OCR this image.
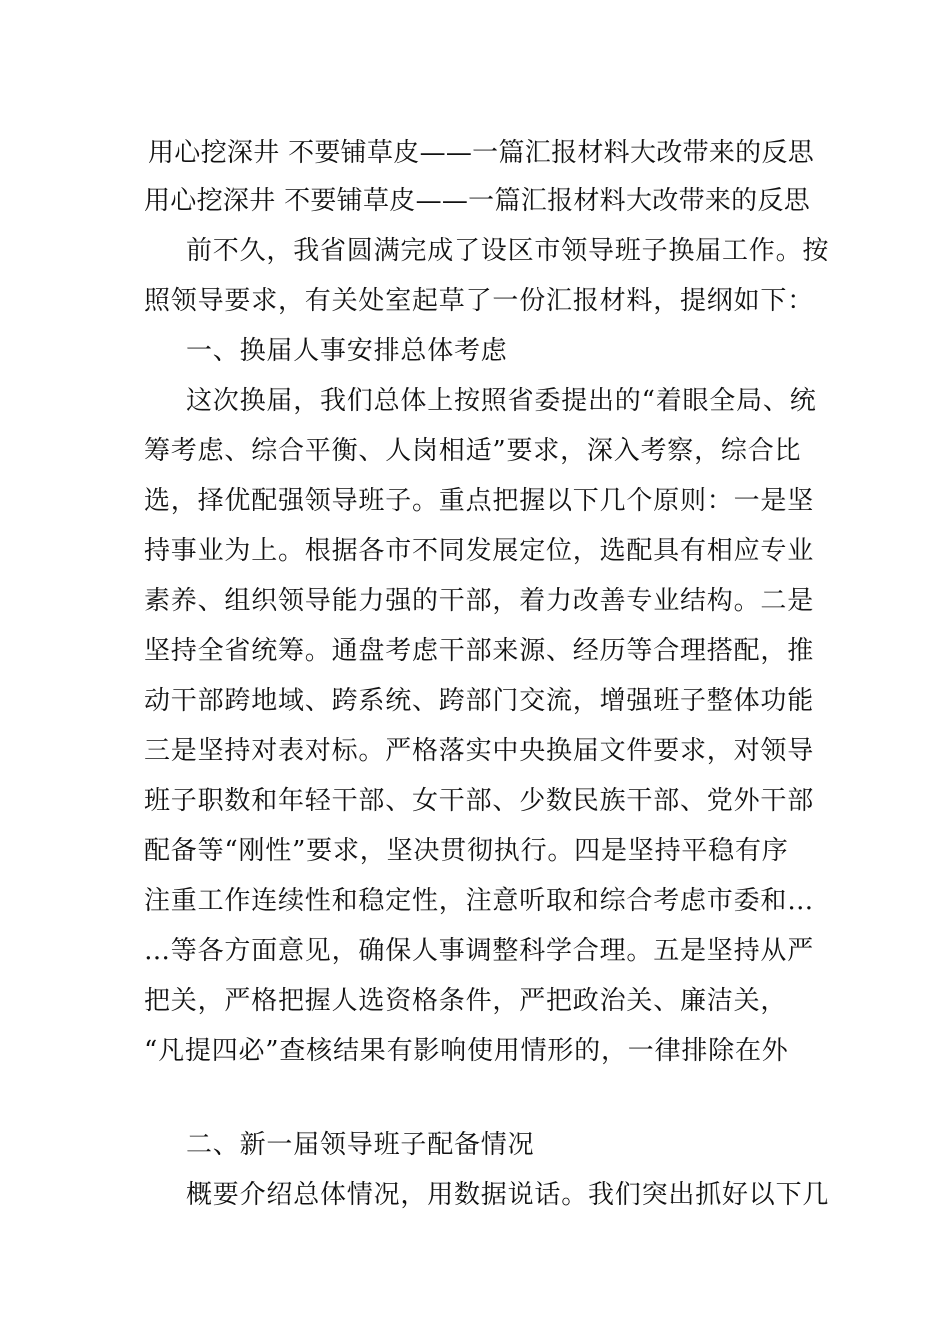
用心挖深井 不要铺草皮——一篇汇报材料大改带来的反思
用心挖深井 不要铺草皮——一篇汇报材料大改带来的反思
前不久，我省圆满完成了设区市领导班子换届工作。按
照领导要求，有关处室起草了一份汇报材料，提纲如下：
一、换届人事安排总体考虑
这次换届，我们总体上按照省委提出的“着眼全局、统
筹考虑、综合平衡、人岗相适”要求，深入考察，综合比
选，择优配强领导班子。重点把握以下几个原则：一是坚
持事业为上。根据各市不同发展定位，选配具有相应专业
素养、组织领导能力强的干部，着力改善专业结构。二是
坚持全省统筹。通盘考虑干部来源、经历等合理搭配，推
动干部跨地域、跨系统、跨部门交流，增强班子整体功能
三是坚持对表对标。严格落实中央换届文件要求，对领导
班子职数和年轻干部、女干部、少数民族干部、党外干部
配备等“刚性”要求，坚决贯彻执行。四是坚持平稳有序
注重工作连续性和稳定性，注意听取和综合考虑市委和…
…等各方面意见，确保人事调整科学合理。五是坚持从严
把关，严格把握人选资格条件，严把政治关、廉洁关，
“凡提四必”查核结果有影响使用情形的，一律排除在外
二、新一届领导班子配备情况
概要介绍总体情况，用数据说话。我们突出抓好以下几
